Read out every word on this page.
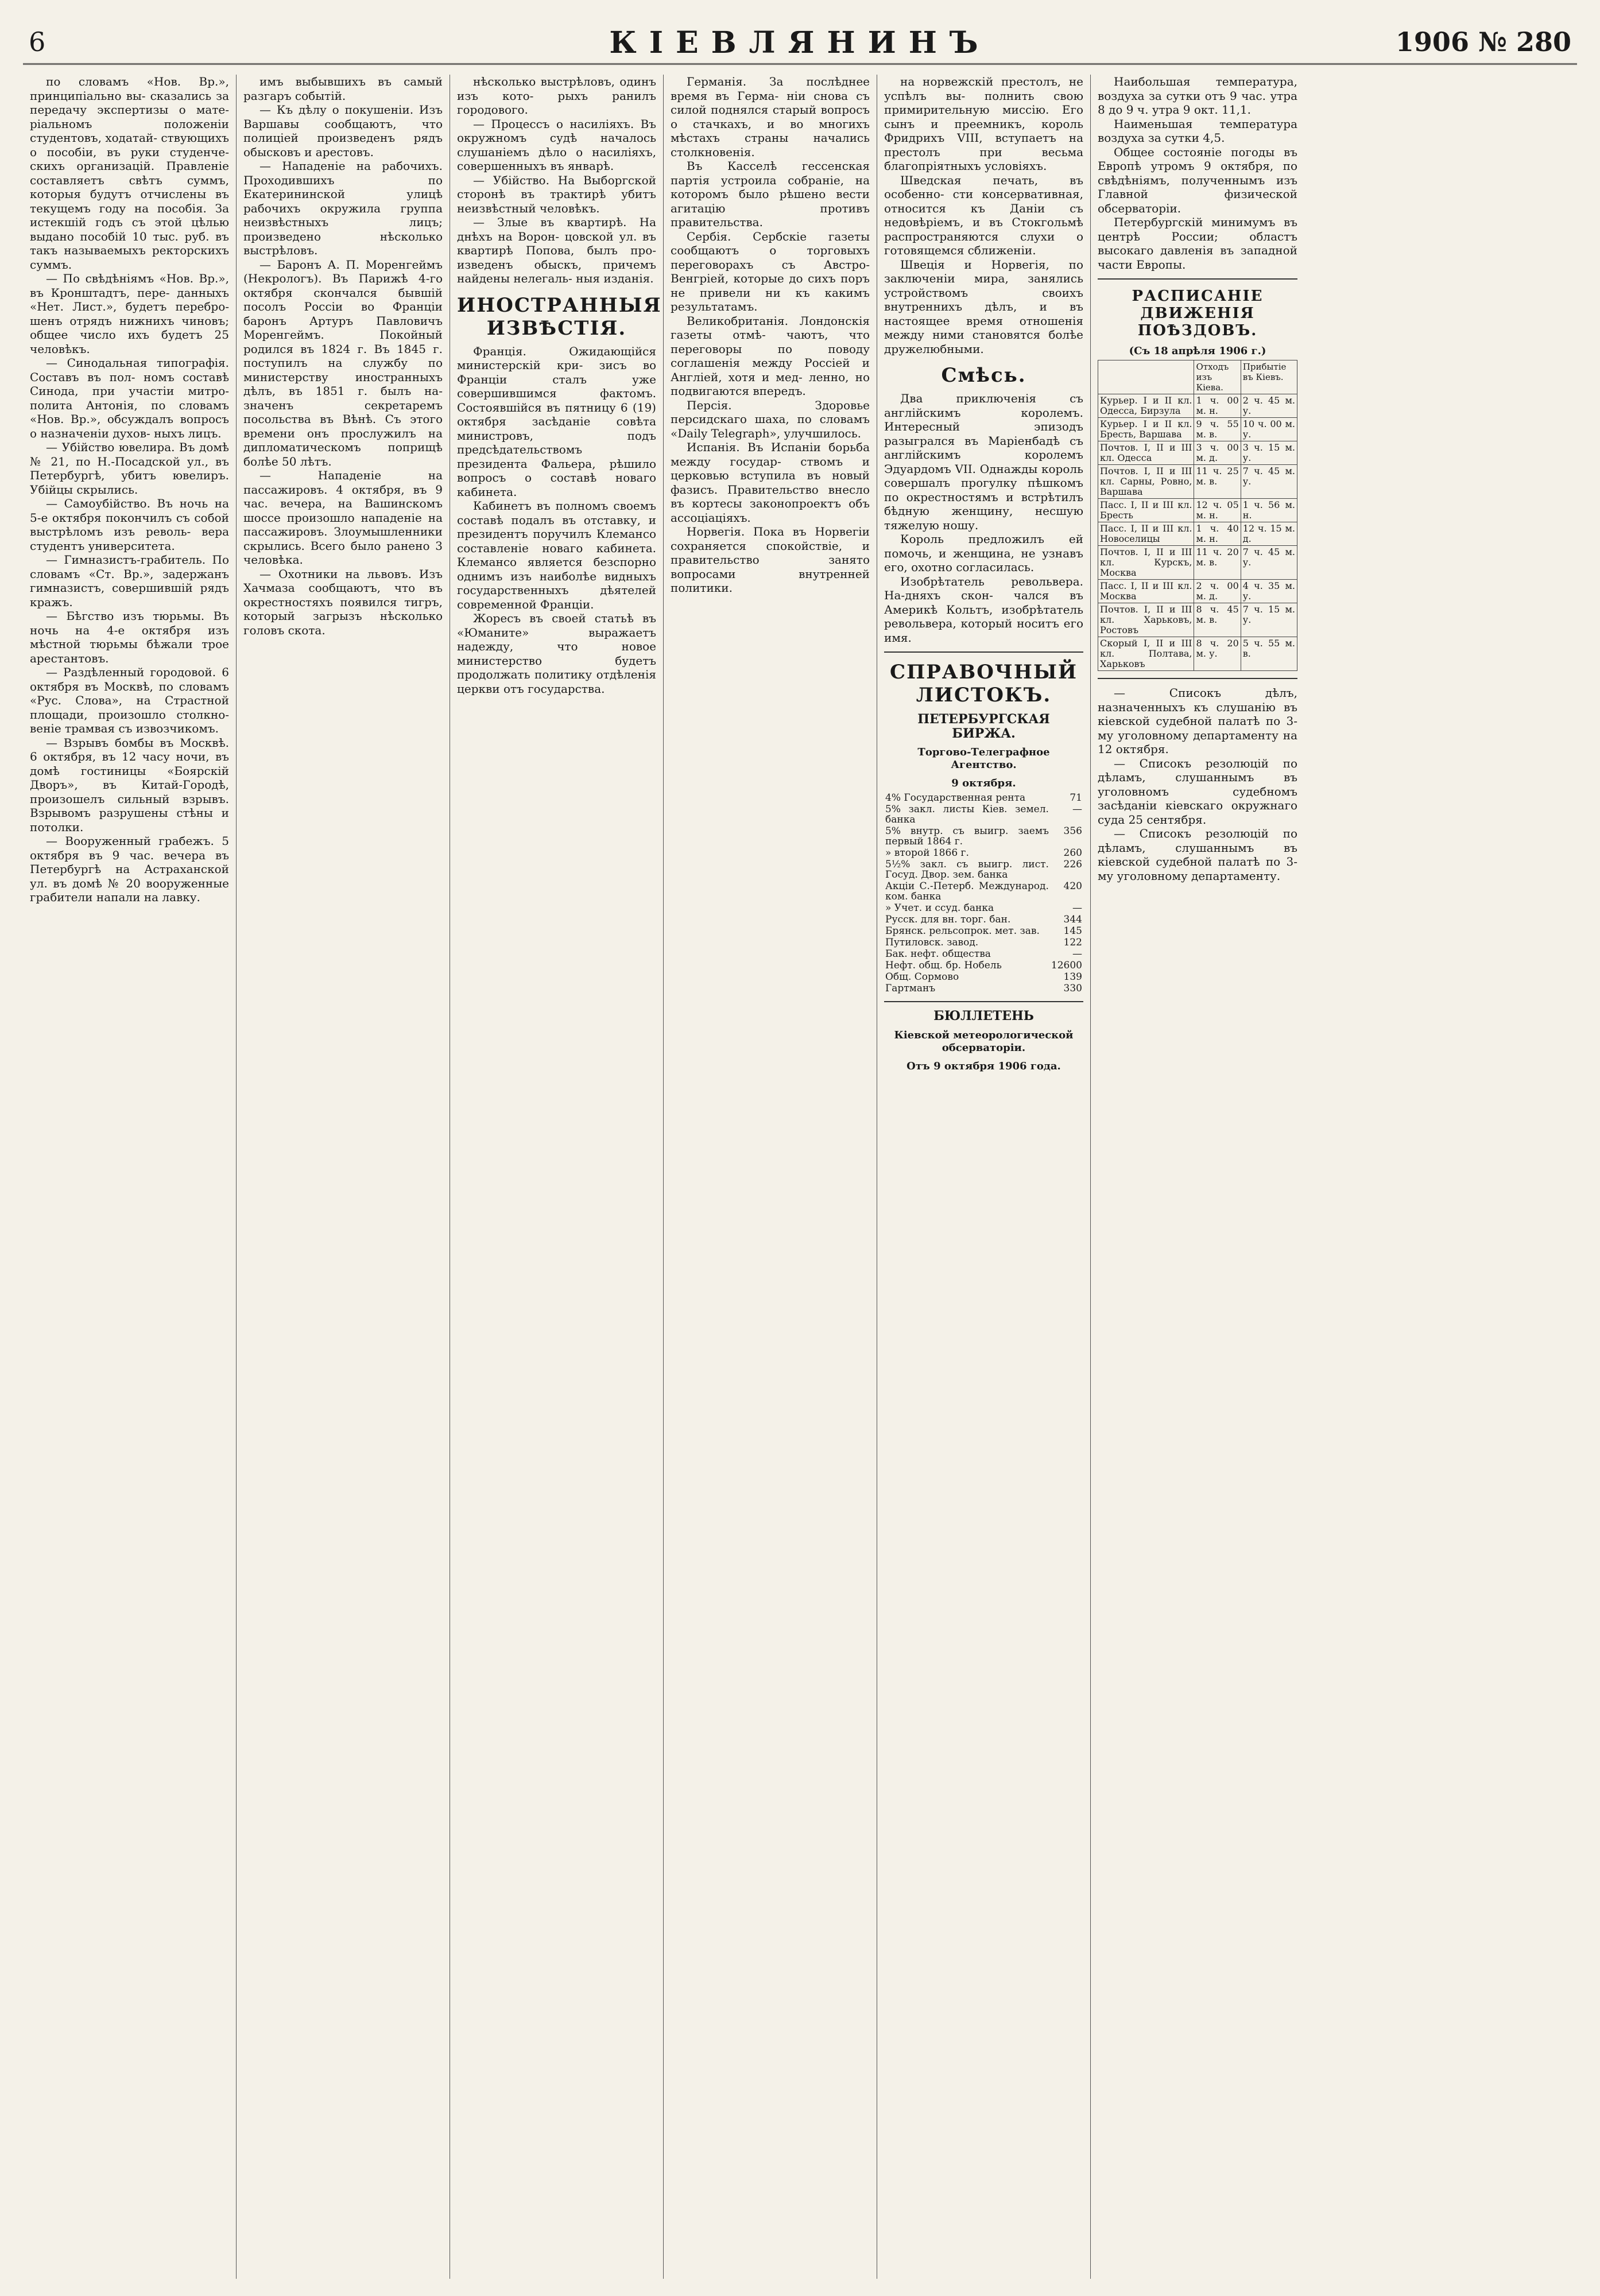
6	КІЕВЛЯНИНЪ	1906 № 280

по словамъ «Нов. Вр.», принципіально вы- сказались за передачу экспертизы о мате- ріальномъ положеніи студентовъ, ходатай- ствующихъ о пособіи, въ руки студенче- скихъ организацій. Правленіе составляетъ свѣтъ суммъ, которыя будутъ отчислены въ текущемъ году на пособія. За истекшій годъ съ этой цѣлью выдано пособій 10 тыс. руб. въ такъ называемыхъ ректорскихъ суммъ.

— По свѣдѣніямъ «Нов. Вр.», въ Кронштадтъ, пере- данныхъ «Нет. Лист.», будетъ перебро- шенъ отрядъ нижнихъ чиновъ; общее число ихъ будетъ 25 человѣкъ.

— Синодальная типографія. Составъ въ пол- номъ составѣ Синода, при участіи митро- полита Антонія, по словамъ «Нов. Вр.», обсуждалъ вопросъ о назначеніи духов- ныхъ лицъ.

— Убійство ювелира. Въ домѣ № 21, по Н.-Посадской ул., въ Петербургѣ, убитъ ювелиръ. Убійцы скрылись.

— Самоубійство. Въ ночь на 5-е октября покончилъ съ собой выстрѣломъ изъ револь- вера студентъ университета.

— Гимназистъ-грабитель. По словамъ «Ст. Вр.», задержанъ гимназистъ, совершившій рядъ кражъ.

— Бѣгство изъ тюрьмы. Въ ночь на 4-е октября изъ мѣстной тюрьмы бѣжали трое арестантовъ.

— Раздѣленный городовой. 6 октября въ Москвѣ, по словамъ «Рус. Слова», на Страстной площади, произошло столкно- веніе трамвая съ извозчикомъ.

— Взрывъ бомбы въ Москвѣ. 6 октября, въ 12 часу ночи, въ домѣ гостиницы «Боярскій Дворъ», въ Китай-Городѣ, произошелъ сильный взрывъ. Взрывомъ разрушены стѣны и потолки.

— Вооруженный грабежъ. 5 октября въ 9 час. вечера въ Петербургѣ на Астраханской ул. въ домѣ № 20 вооруженные грабители напали на лавку.

имъ выбывшихъ въ самый разгаръ событій.

— Къ дѣлу о покушеніи. Изъ Варшавы сообщаютъ, что полиціей произведенъ рядъ обысковъ и арестовъ.

— Нападеніе на рабочихъ. Проходившихъ по Екатерининской улицѣ рабочихъ окружила группа неизвѣстныхъ лицъ; произведено нѣсколько выстрѣловъ.

— Баронъ А. П. Моренгеймъ (Некрологъ). Въ Парижѣ 4-го октября скончался бывшій посолъ Россіи во Франціи баронъ Артуръ Павловичъ Моренгеймъ. Покойный родился въ 1824 г. Въ 1845 г. поступилъ на службу по министерству иностранныхъ дѣлъ, въ 1851 г. былъ на- значенъ секретаремъ посольства въ Вѣнѣ. Съ этого времени онъ прослужилъ на дипломатическомъ поприщѣ болѣе 50 лѣтъ.

— Нападеніе на пассажировъ. 4 октября, въ 9 час. вечера, на Вашинскомъ шоссе произошло нападеніе на пассажировъ. Злоумышленники скрылись. Всего было ранено 3 человѣка.

— Охотники на львовъ. Изъ Хачмаза сообщаютъ, что въ окрестностяхъ появился тигръ, который загрызъ нѣсколько головъ скота.

нѣсколько выстрѣловъ, одинъ изъ кото- рыхъ ранилъ городового.

— Процессъ о насиліяхъ. Въ окружномъ судѣ началось слушаніемъ дѣло о насиліяхъ, совершенныхъ въ январѣ.

— Убійство. На Выборгской сторонѣ въ трактирѣ убитъ неизвѣстный человѣкъ.

— Злые въ квартирѣ. На днѣхъ на Ворон- цовской ул. въ квартирѣ Попова, былъ про- изведенъ обыскъ, причемъ найдены нелегаль- ныя изданія.

ИНОСТРАННЫЯ ИЗВѢСТІЯ.

Франція. Ожидающійся министерскій кри- зисъ во Франціи сталъ уже совершившимся фактомъ. Состоявшійся въ пятницу 6 (19) октября засѣданіе совѣта министровъ, подъ предсѣдательствомъ президента Фальера, рѣшило вопросъ о составѣ новаго кабинета.

Кабинетъ въ полномъ своемъ составѣ подалъ въ отставку, и президентъ поручилъ Клемансо составленіе новаго кабинета. Клемансо является безспорно однимъ изъ наиболѣе видныхъ государственныхъ дѣятелей современной Франціи.

Жоресъ въ своей статьѣ въ «Юманите» выражаетъ надежду, что новое министерство будетъ продолжать политику отдѣленія церкви отъ государства.

Германія. За послѣднее время въ Герма- ніи снова съ силой поднялся старый вопросъ о стачкахъ, и во многихъ мѣстахъ страны начались столкновенія.

Въ Касселѣ гессенская партія устроила собраніе, на которомъ было рѣшено вести агитацію противъ правительства.

Сербія. Сербскіе газеты сообщаютъ о торговыхъ переговорахъ съ Австро-Венгріей, которые до сихъ поръ не привели ни къ какимъ результатамъ.

Великобританія. Лондонскія газеты отмѣ- чаютъ, что переговоры по поводу соглашенія между Россіей и Англіей, хотя и мед- ленно, но подвигаются впередъ.

Персія. Здоровье персидскаго шаха, по словамъ «Daily Telegraph», улучшилось.

Испанія. Въ Испаніи борьба между государ- ствомъ и церковью вступила въ новый фазисъ. Правительство внесло въ кортесы законопроектъ объ ассоціаціяхъ.

Норвегія. Пока въ Норвегіи сохраняется спокойствіе, и правительство занято вопросами внутренней политики.

на норвежскій престолъ, не успѣлъ вы- полнить свою примирительную миссію. Его сынъ и преемникъ, король Фридрихъ VIII, вступаетъ на престолъ при весьма благопріятныхъ условіяхъ.

Шведская печать, въ особенно- сти консервативная, относится къ Даніи съ недовѣріемъ, и въ Стокгольмѣ распространяются слухи о готовящемся сближеніи.

Швеція и Норвегія, по заключеніи мира, занялись устройствомъ своихъ внутреннихъ дѣлъ, и въ настоящее время отношенія между ними становятся болѣе дружелюбными.

Смѣсь.

Два приключенія съ англійскимъ королемъ. Интересный эпизодъ разыгрался въ Маріенбадѣ съ англійскимъ королемъ Эдуардомъ VII. Однажды король совершалъ прогулку пѣшкомъ по окрестностямъ и встрѣтилъ бѣдную женщину, несшую тяжелую ношу.

Король предложилъ ей помочь, и женщина, не узнавъ его, охотно согласилась.

Изобрѣтатель револьвера. На-дняхъ скон- чался въ Америкѣ Кольтъ, изобрѣтатель револьвера, который носитъ его имя.

СПРАВОЧНЫЙ ЛИСТОКЪ.
ПЕТЕРБУРГСКАЯ БИРЖА.
Торгово-Телеграфное Агентство.
9 октября.
4% Государственная рента	71
5% закл. листы Кіев. земел. банка	—
5% внутр. съ выигр. заемъ первый 1864 г.	356
» второй 1866 г.	260
5½% закл. съ выигр. лист. Госуд. Двор. зем. банка	226
Акціи С.-Петерб. Международ. ком. банка	420
» Учет. и ссуд. банка	—
Русск. для вн. торг. бан.	344
Брянск. рельсопрок. мет. зав.	145
Путиловск. завод.	122
Бак. нефт. общества	—
Нефт. общ. бр. Нобель	12600
Общ. Сормово	139
Гартманъ	330
БЮЛЛЕТЕНЬ
Кіевской метеорологической обсерваторіи.
Отъ 9 октября 1906 года.

Наибольшая температура, воздуха за сутки отъ 9 час. утра 8 до 9 ч. утра 9 окт. 11,1.

Наименьшая температура воздуха за сутки 4,5.

Общее состояніе погоды въ Европѣ утромъ 9 октября, по свѣдѣніямъ, полученнымъ изъ Главной физической обсерваторіи.

Петербургскій минимумъ въ центрѣ России; областъ высокаго давленія въ западной части Европы.

РАСПИСАНІЕ ДВИЖЕНІЯ ПОѢЗДОВЪ.
(Съ 18 апрѣля 1906 г.)
	Отходъ изъ Кіева.	Прибытіе въ Кіевъ.
Курьер. I и II кл. Одесса, Бирзула	1 ч. 00 м. н.	2 ч. 45 м. у.
Курьер. I и II кл. Бресть, Варшава	9 ч. 55 м. в.	10 ч. 00 м. у.
Почтов. I, II и III кл. Одесса	3 ч. 00 м. д.	3 ч. 15 м. у.
Почтов. I, II и III кл. Сарны, Ровно, Варшава	11 ч. 25 м. в.	7 ч. 45 м. у.
Пасс. I, II и III кл. Бресть	12 ч. 05 м. н.	1 ч. 56 м. н.
Пасс. I, II и III кл. Новоселицы	1 ч. 40 м. н.	12 ч. 15 м. д.
Почтов. I, II и III кл. Курскъ, Москва	11 ч. 20 м. в.	7 ч. 45 м. у.
Пасс. I, II и III кл. Москва	2 ч. 00 м. д.	4 ч. 35 м. у.
Почтов. I, II и III кл. Харьковъ, Ростовъ	8 ч. 45 м. в.	7 ч. 15 м. у.
Скорый I, II и III кл. Полтава, Харьковъ	8 ч. 20 м. у.	5 ч. 55 м. в.

— Списокъ дѣлъ, назначенныхъ къ слушанію въ кіевской судебной палатѣ по 3-му уголовному департаменту на 12 октября.

— Списокъ резолюцій по дѣламъ, слушаннымъ въ уголовномъ судебномъ засѣданіи кіевскаго окружнаго суда 25 сентября.

— Списокъ резолюцій по дѣламъ, слушаннымъ въ кіевской судебной палатѣ по 3-му уголовному департаменту.
